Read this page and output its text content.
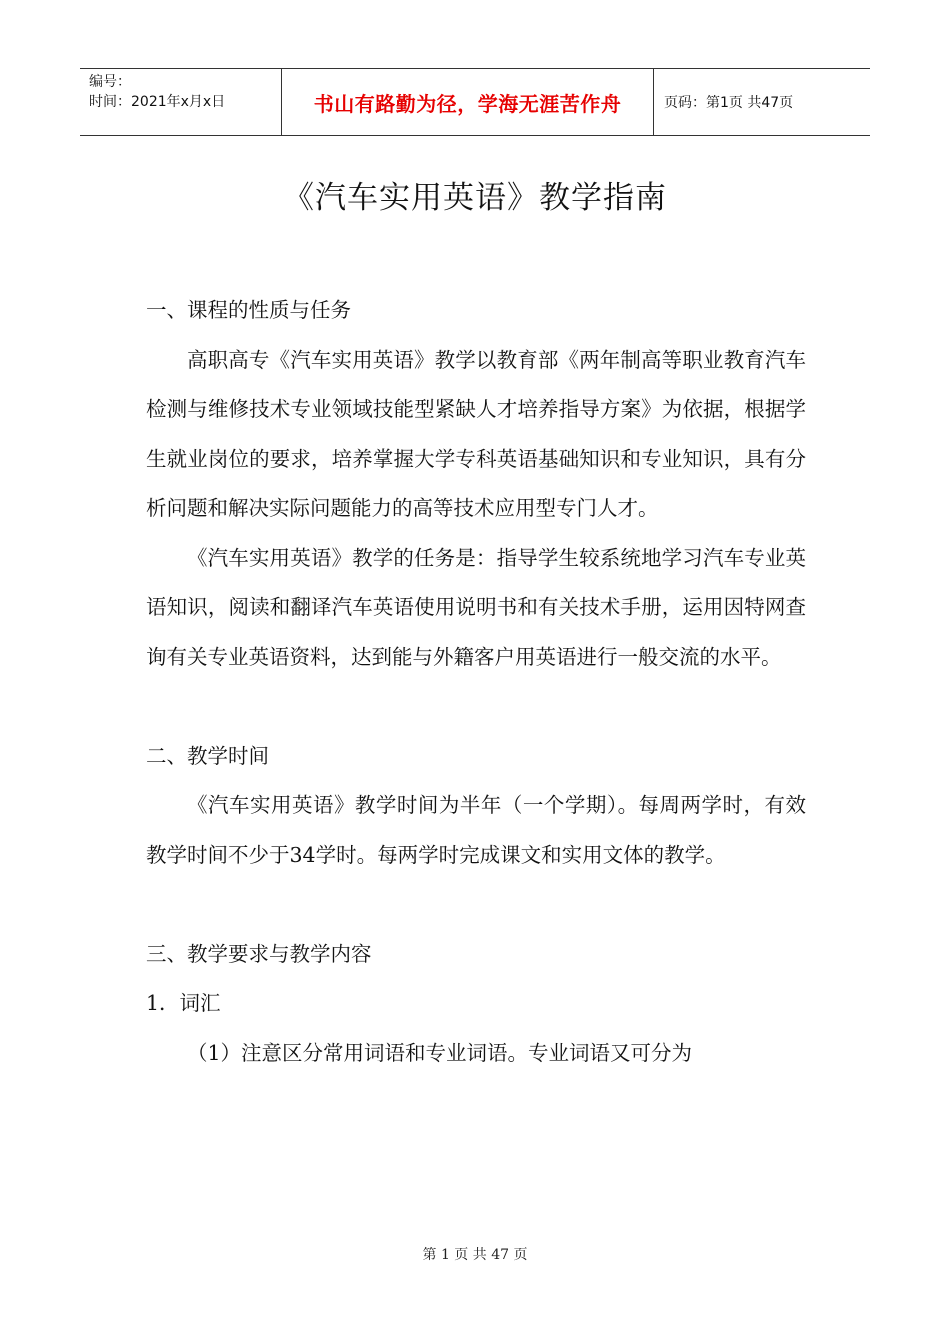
编号：
时间：2021年x月x日	书山有路勤为径，学海无涯苦作舟	页码：第1页 共47页
《汽车实用英语》教学指南

一、课程的性质与任务

高职高专《汽车实用英语》教学以教育部《两年制高等职业教育汽车检测与维修技术专业领域技能型紧缺人才培养指导方案》为依据，根据学生就业岗位的要求，培养掌握大学专科英语基础知识和专业知识，具有分析问题和解决实际问题能力的高等技术应用型专门人才。

《汽车实用英语》教学的任务是：指导学生较系统地学习汽车专业英语知识，阅读和翻译汽车英语使用说明书和有关技术手册，运用因特网查询有关专业英语资料，达到能与外籍客户用英语进行一般交流的水平。

二、教学时间

《汽车实用英语》教学时间为半年（一个学期）。每周两学时，有效教学时间不少于34学时。每两学时完成课文和实用文体的教学。

三、教学要求与教学内容

1．词汇

（1）注意区分常用词语和专业词语。专业词语又可分为

第 1 页 共 47 页
